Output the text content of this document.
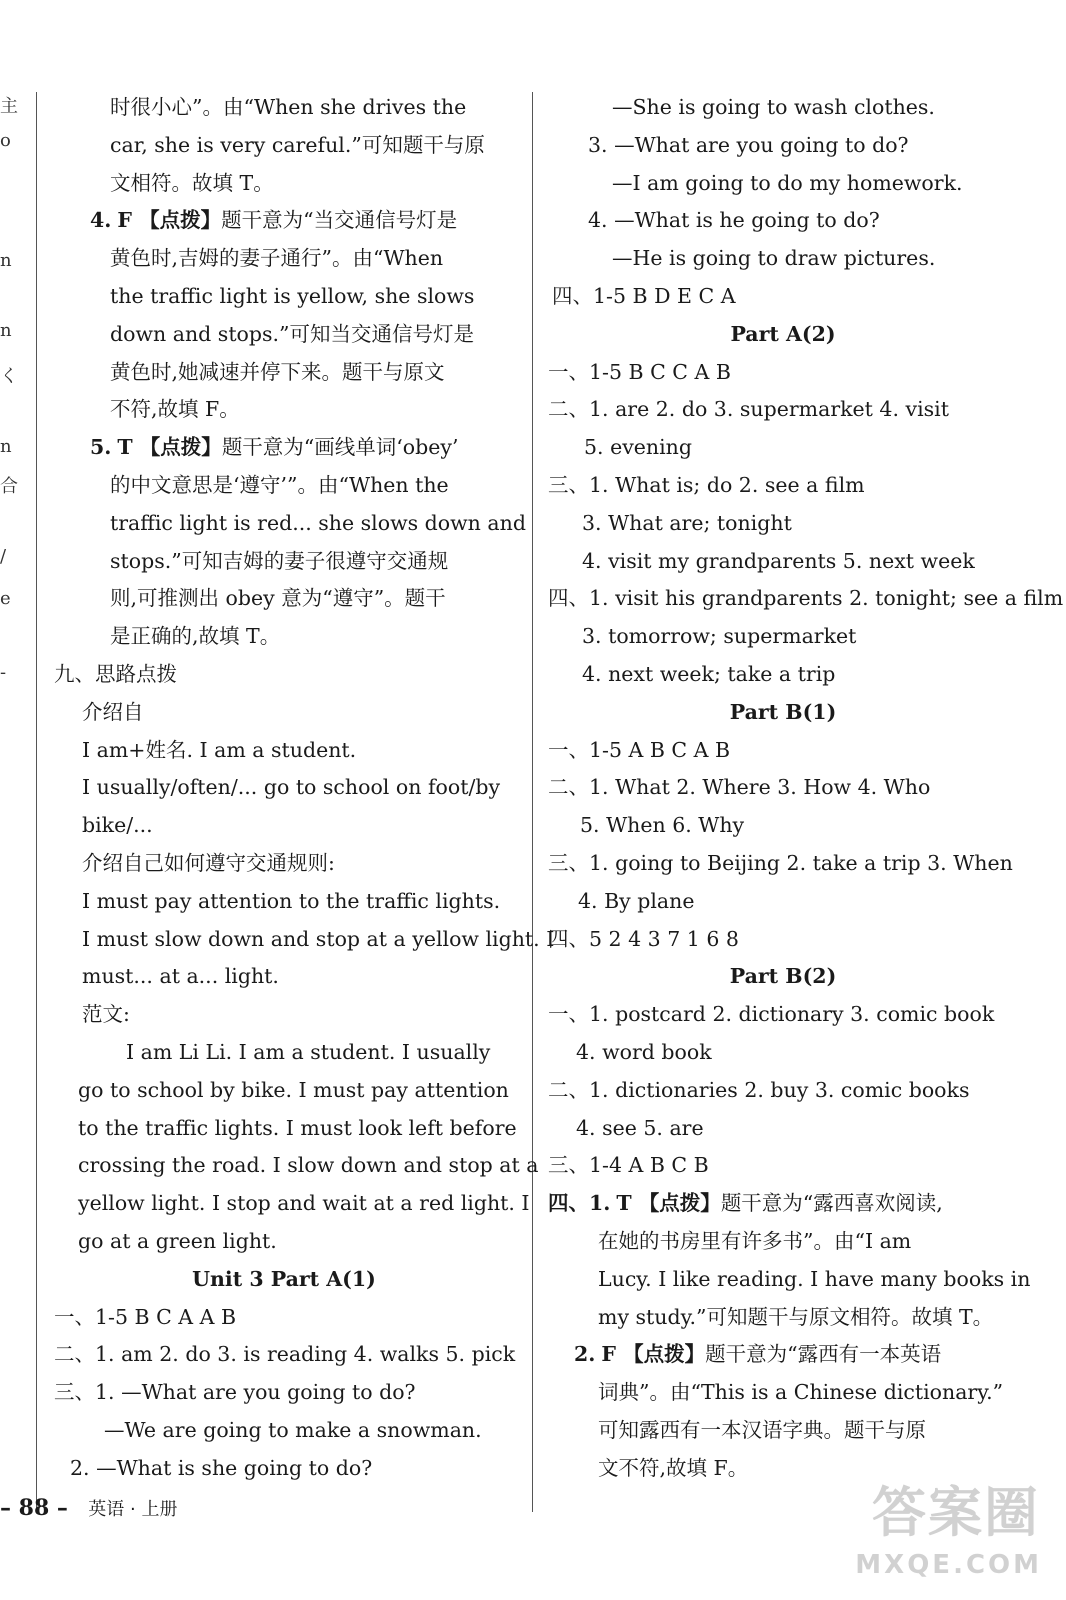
主
o
n
n
く
n
合
/
e
-
时很小心”。由“When she drives the
car, she is very careful.”可知题干与原
文相符。故填 T。
4. F 【点拨】题干意为“当交通信号灯是
黄色时,吉姆的妻子通行”。由“When
the traffic light is yellow, she slows
down and stops.”可知当交通信号灯是
黄色时,她减速并停下来。题干与原文
不符,故填 F。
5. T 【点拨】题干意为“画线单词‘obey’
的中文意思是‘遵守’”。由“When the
traffic light is red... she slows down and
stops.”可知吉姆的妻子很遵守交通规
则,可推测出 obey 意为“遵守”。题干
是正确的,故填 T。
九、思路点拨
介绍自
I am+姓名. I am a student.
I usually/often/... go to school on foot/by
bike/...
介绍自己如何遵守交通规则:
I must pay attention to the traffic lights.
I must slow down and stop at a yellow light. I
must... at a... light.
范文:
I am Li Li. I am a student. I usually
go to school by bike. I must pay attention
to the traffic lights. I must look left before
crossing the road. I slow down and stop at a
yellow light. I stop and wait at a red light. I
go at a green light.
Unit 3 Part A(1)
一、1-5 B C A A B
二、1. am 2. do 3. is reading 4. walks 5. pick
三、1. —What are you going to do?
—We are going to make a snowman.
2. —What is she going to do?
—She is going to wash clothes.
3. —What are you going to do?
—I am going to do my homework.
4. —What is he going to do?
—He is going to draw pictures.
四、1-5 B D E C A
Part A(2)
一、1-5 B C C A B
二、1. are 2. do 3. supermarket 4. visit
5. evening
三、1. What is; do 2. see a film
3. What are; tonight
4. visit my grandparents 5. next week
四、1. visit his grandparents 2. tonight; see a film
3. tomorrow; supermarket
4. next week; take a trip
Part B(1)
一、1-5 A B C A B
二、1. What 2. Where 3. How 4. Who
5. When 6. Why
三、1. going to Beijing 2. take a trip 3. When
4. By plane
四、5 2 4 3 7 1 6 8
Part B(2)
一、1. postcard 2. dictionary 3. comic book
4. word book
二、1. dictionaries 2. buy 3. comic books
4. see 5. are
三、1-4 A B C B
四、1. T 【点拨】题干意为“露西喜欢阅读,
在她的书房里有许多书”。由“I am
Lucy. I like reading. I have many books in
my study.”可知题干与原文相符。故填 T。
2. F 【点拨】题干意为“露西有一本英语
词典”。由“This is a Chinese dictionary.”
可知露西有一本汉语字典。题干与原
文不符,故填 F。
– 88 – 英语 · 上册	答案圈
MXQE.COM
